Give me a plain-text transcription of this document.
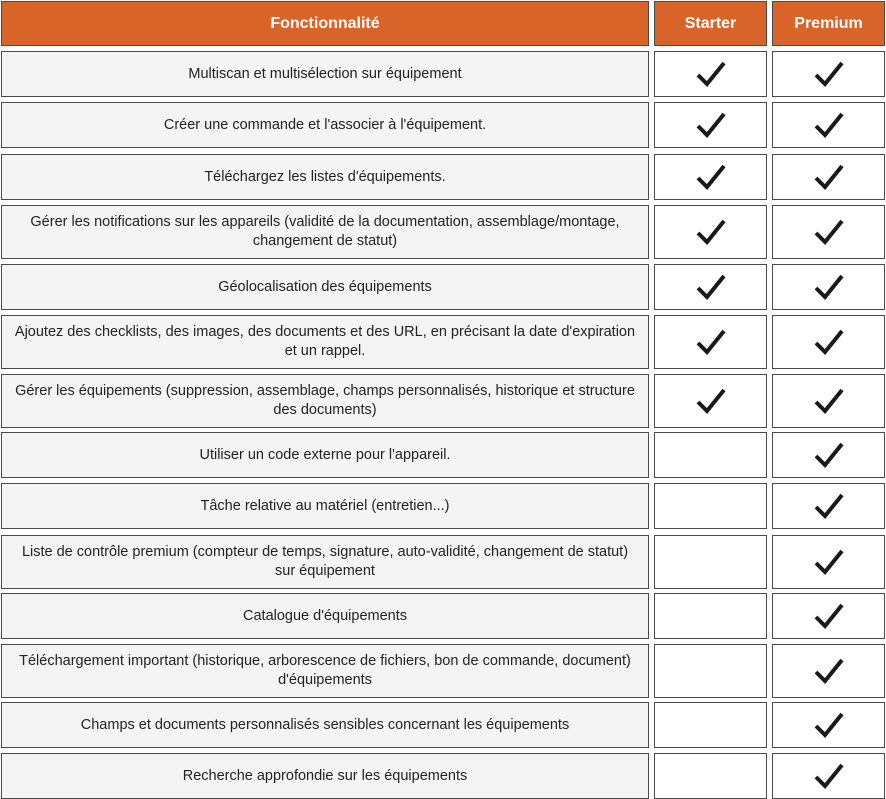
Fonctionnalité	Starter	Premium
Multiscan et multisélection sur équipement
Créer une commande et l'associer à l'équipement.
Téléchargez les listes d'équipements.
Gérer les notifications sur les appareils (validité de la documentation, assemblage/montage, changement de statut)
Géolocalisation des équipements
Ajoutez des checklists, des images, des documents et des URL, en précisant la date d'expiration et un rappel.
Gérer les équipements (suppression, assemblage, champs personnalisés, historique et structure des documents)
Utiliser un code externe pour l'appareil.
Tâche relative au matériel (entretien...)
Liste de contrôle premium (compteur de temps, signature, auto-validité, changement de statut) sur équipement
Catalogue d'équipements
Téléchargement important (historique, arborescence de fichiers, bon de commande, document) d'équipements
Champs et documents personnalisés sensibles concernant les équipements
Recherche approfondie sur les équipements
